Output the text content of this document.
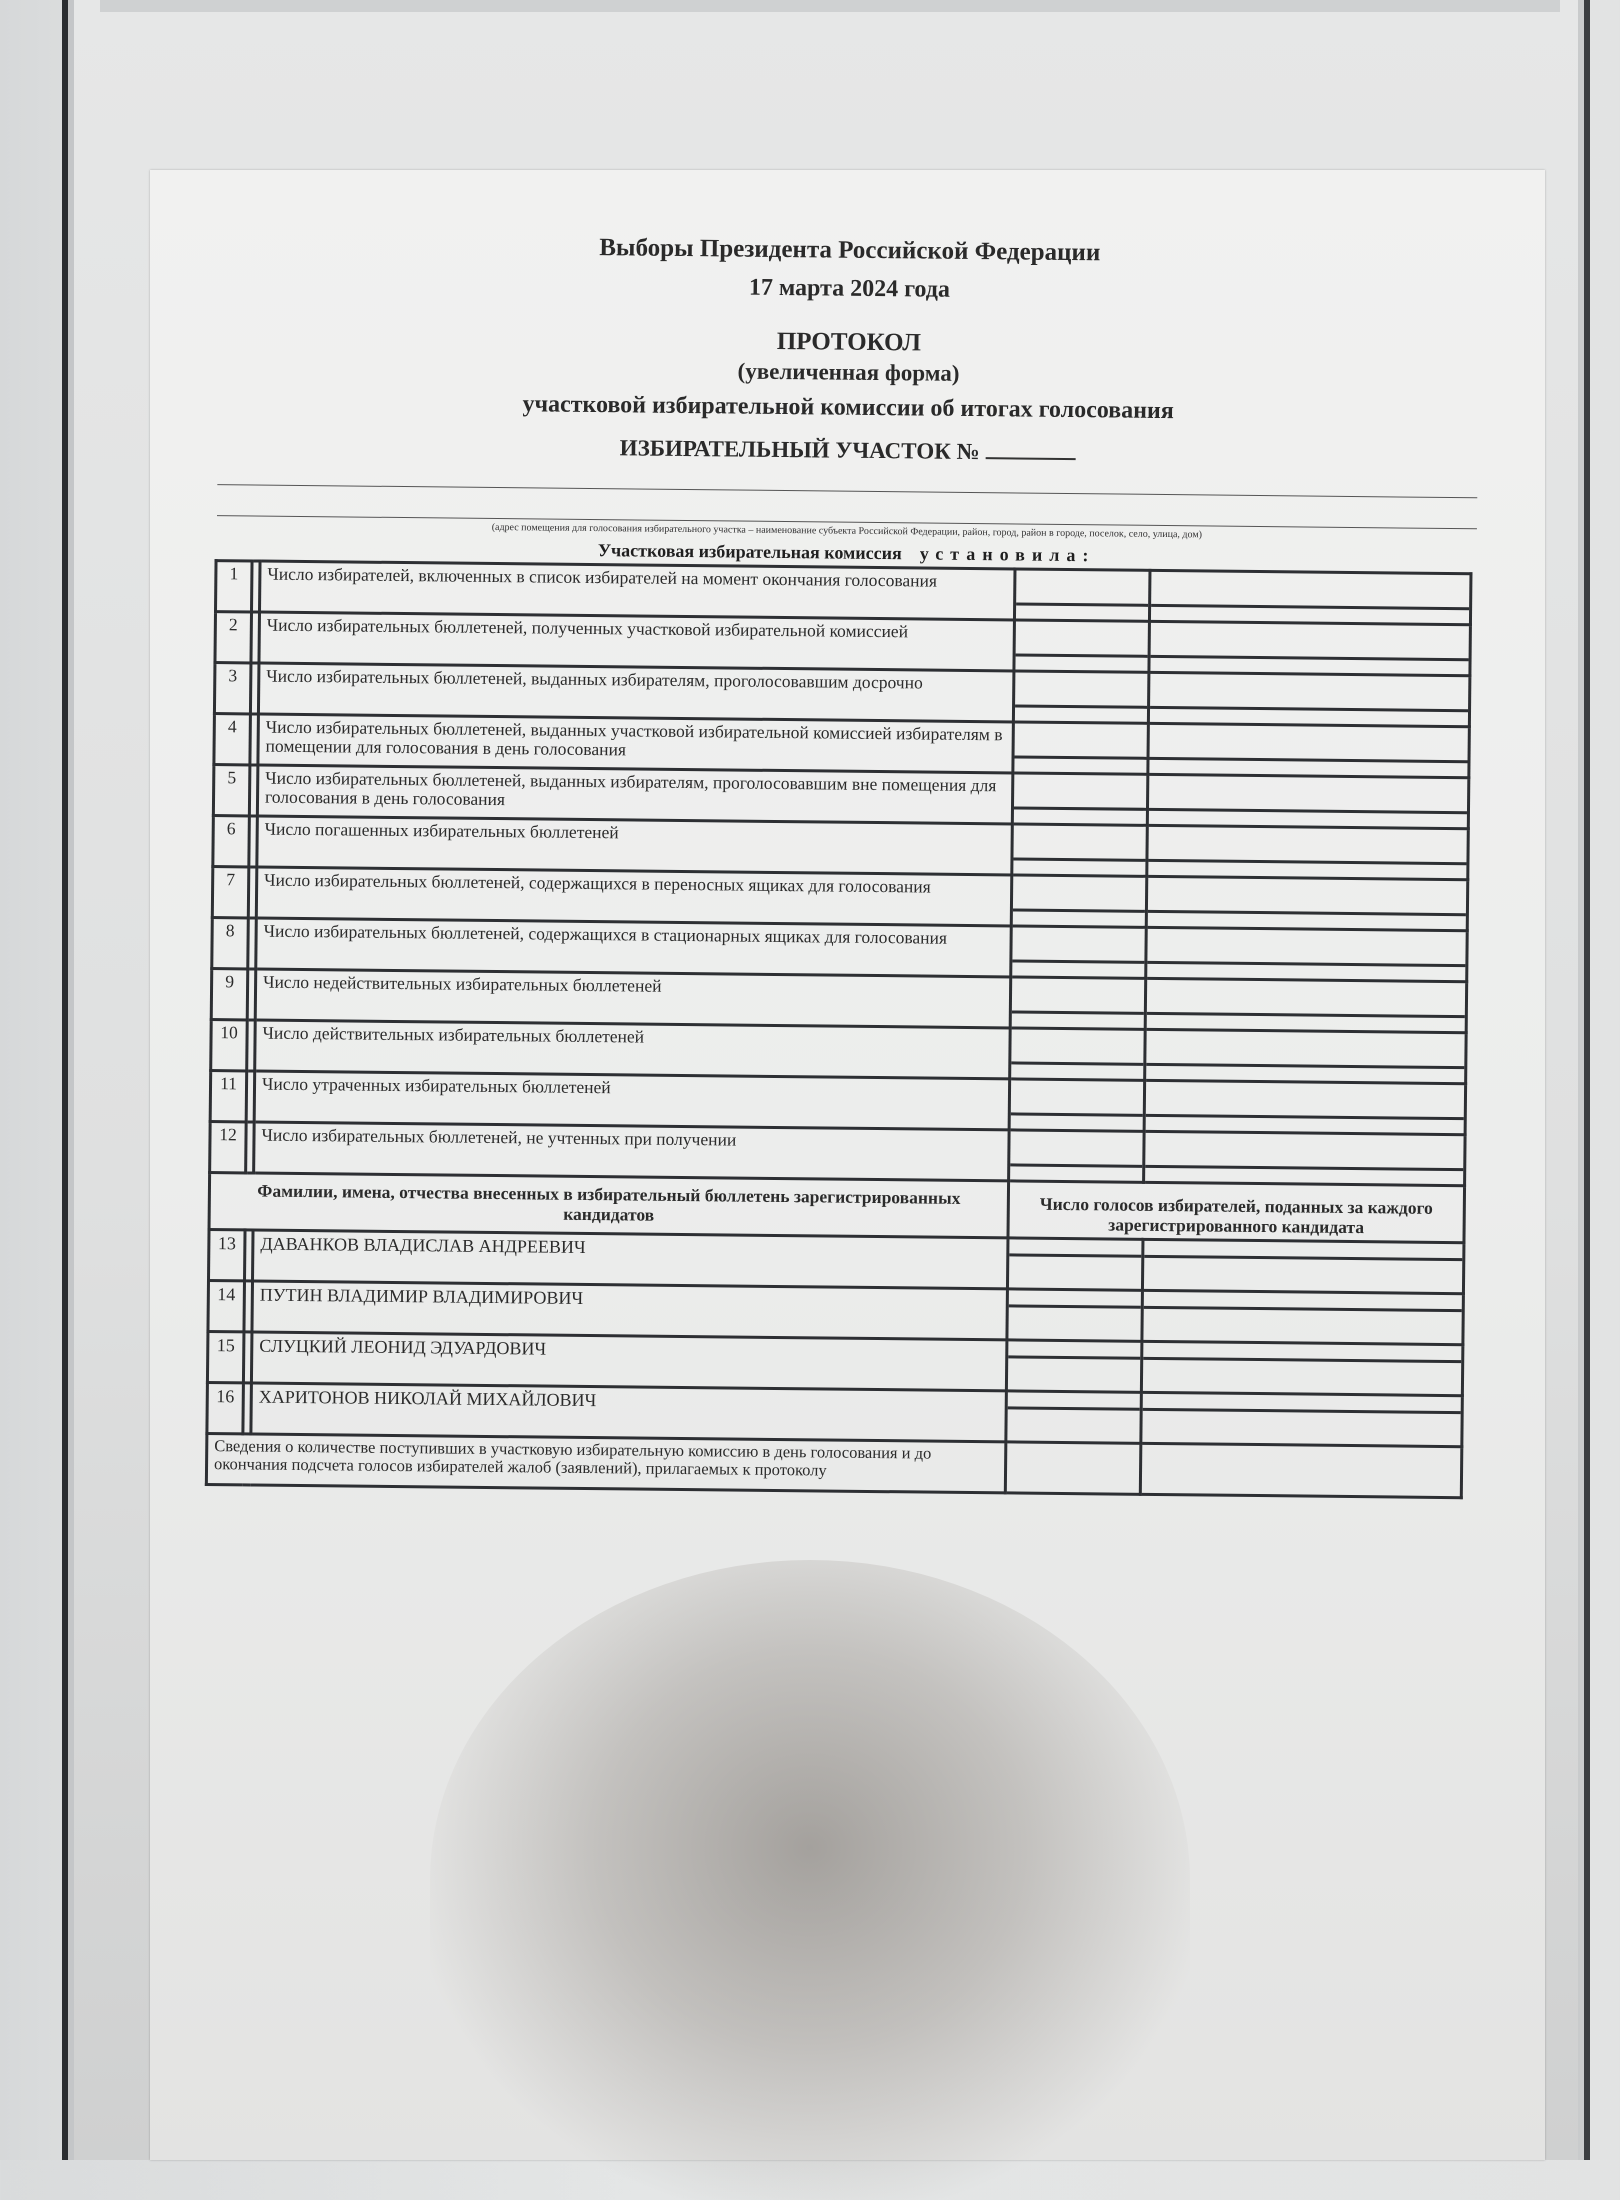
Выборы Президента Российской Федерации

17 марта 2024 года

ПРОТОКОЛ

(увеличенная форма)

участковой избирательной комиссии об итогах голосования

ИЗБИРАТЕЛЬНЫЙ УЧАСТОК №

(адрес помещения для голосования избирательного участка – наименование субъекта Российской Федерации, район, город, район в городе, поселок, село, улица, дом)
Участковая избирательная комиссия установила:
1		Число избирателей, включенных в список избирателей на момент окончания голосования		
2		Число избирательных бюллетеней, полученных участковой избирательной комиссией		
3		Число избирательных бюллетеней, выданных избирателям, проголосовавшим досрочно		
4		Число избирательных бюллетеней, выданных участковой избирательной комиссией избирателям в помещении для голосования в день голосования		
5		Число избирательных бюллетеней, выданных избирателям, проголосовавшим вне помещения для голосования в день голосования		
6		Число погашенных избирательных бюллетеней		
7		Число избирательных бюллетеней, содержащихся в переносных ящиках для голосования		
8		Число избирательных бюллетеней, содержащихся в стационарных ящиках для голосования		
9		Число недействительных избирательных бюллетеней		
10		Число действительных избирательных бюллетеней		
11		Число утраченных избирательных бюллетеней		
12		Число избирательных бюллетеней, не учтенных при получении		
Фамилии, имена, отчества внесенных в избирательный бюллетень зарегистрированных кандидатов			Число голосов избирателей, поданных за каждого зарегистрированного кандидата	
13		ДАВАНКОВ ВЛАДИСЛАВ АНДРЕЕВИЧ		
14		ПУТИН ВЛАДИМИР ВЛАДИМИРОВИЧ		
15		СЛУЦКИЙ ЛЕОНИД ЭДУАРДОВИЧ		
16		ХАРИТОНОВ НИКОЛАЙ МИХАЙЛОВИЧ		
Сведения о количестве поступивших в участковую избирательную комиссию в день голосования и до окончания подсчета голосов избирателей жалоб (заявлений), прилагаемых к протоколу				
